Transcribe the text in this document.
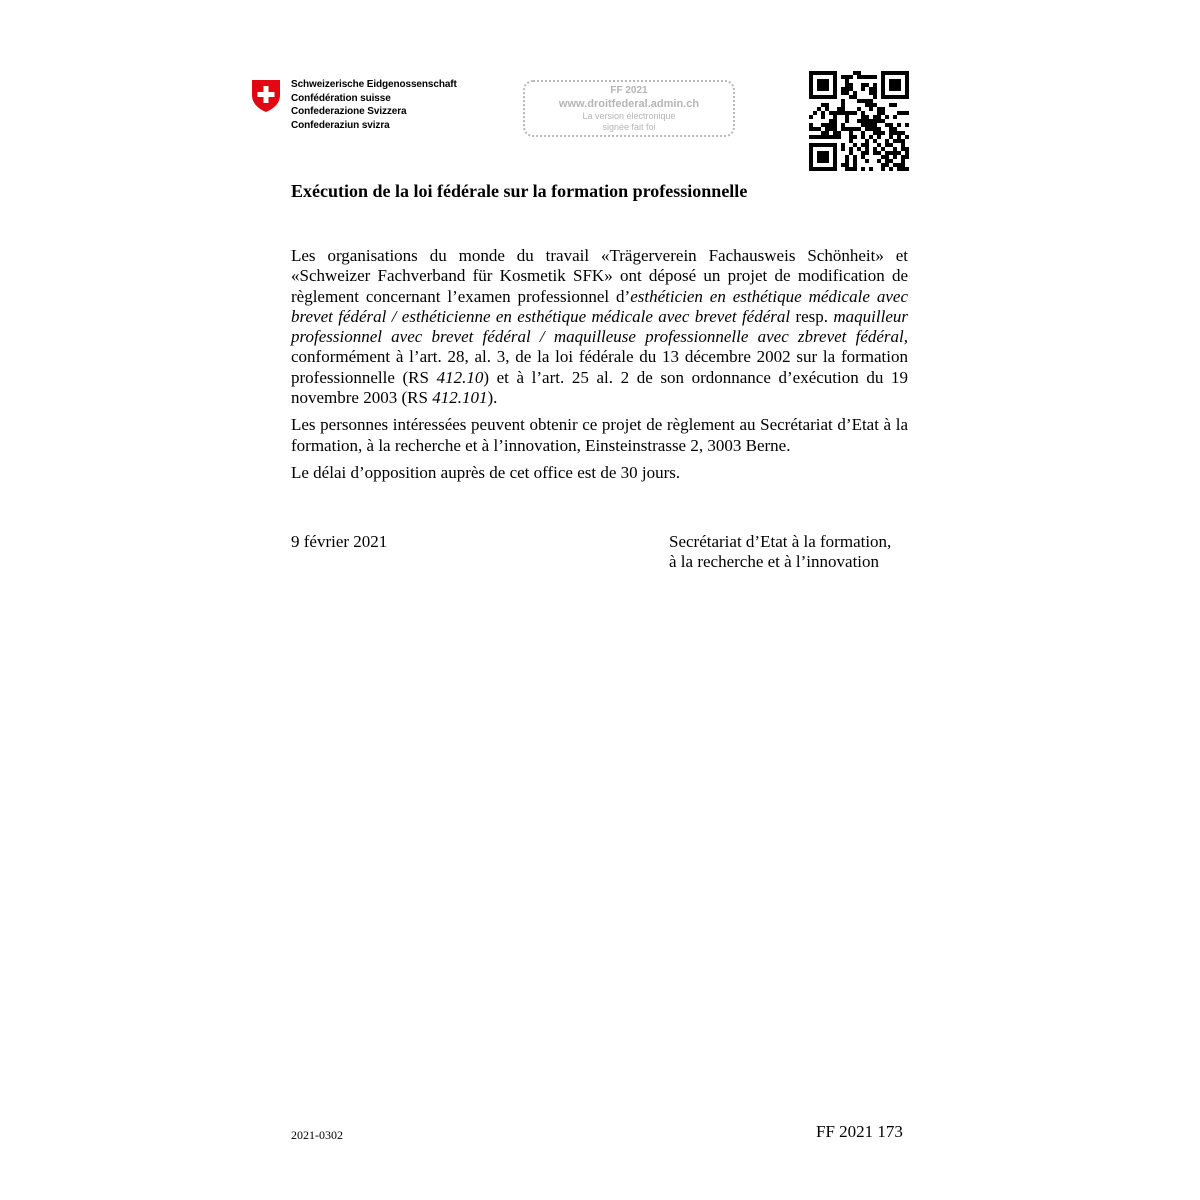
Schweizerische Eidgenossenschaft
Confédération suisse
Confederazione Svizzera
Confederaziun svizra
FF 2021
www.droitfederal.admin.ch
La version électronique
signée fait foi
Exécution de la loi fédérale sur la formation professionnelle

Les organisations du monde du travail «Trägerverein Fachausweis Schönheit» et «Schweizer Fachverband für Kosmetik SFK» ont déposé un projet de modification de règlement concernant l’examen professionnel d’esthéticien en esthétique médicale avec brevet fédéral / esthéticienne en esthétique médicale avec brevet fédéral resp. maquilleur professionnel avec brevet fédéral / maquilleuse professionnelle avec zbrevet fédéral, conformément à l’art. 28, al. 3, de la loi fédérale du 13 décembre 2002 sur la formation professionnelle (RS 412.10) et à l’art. 25 al. 2 de son ordonnance d’exécution du 19 novembre 2003 (RS 412.101).

Les personnes intéressées peuvent obtenir ce projet de règlement au Secrétariat d’Etat à la formation, à la recherche et à l’innovation, Einsteinstrasse 2, 3003 Berne.

Le délai d’opposition auprès de cet office est de 30 jours.

9 février 2021	Secrétariat d’Etat à la formation,
à la recherche et à l’innovation
2021-0302	FF 2021 173
